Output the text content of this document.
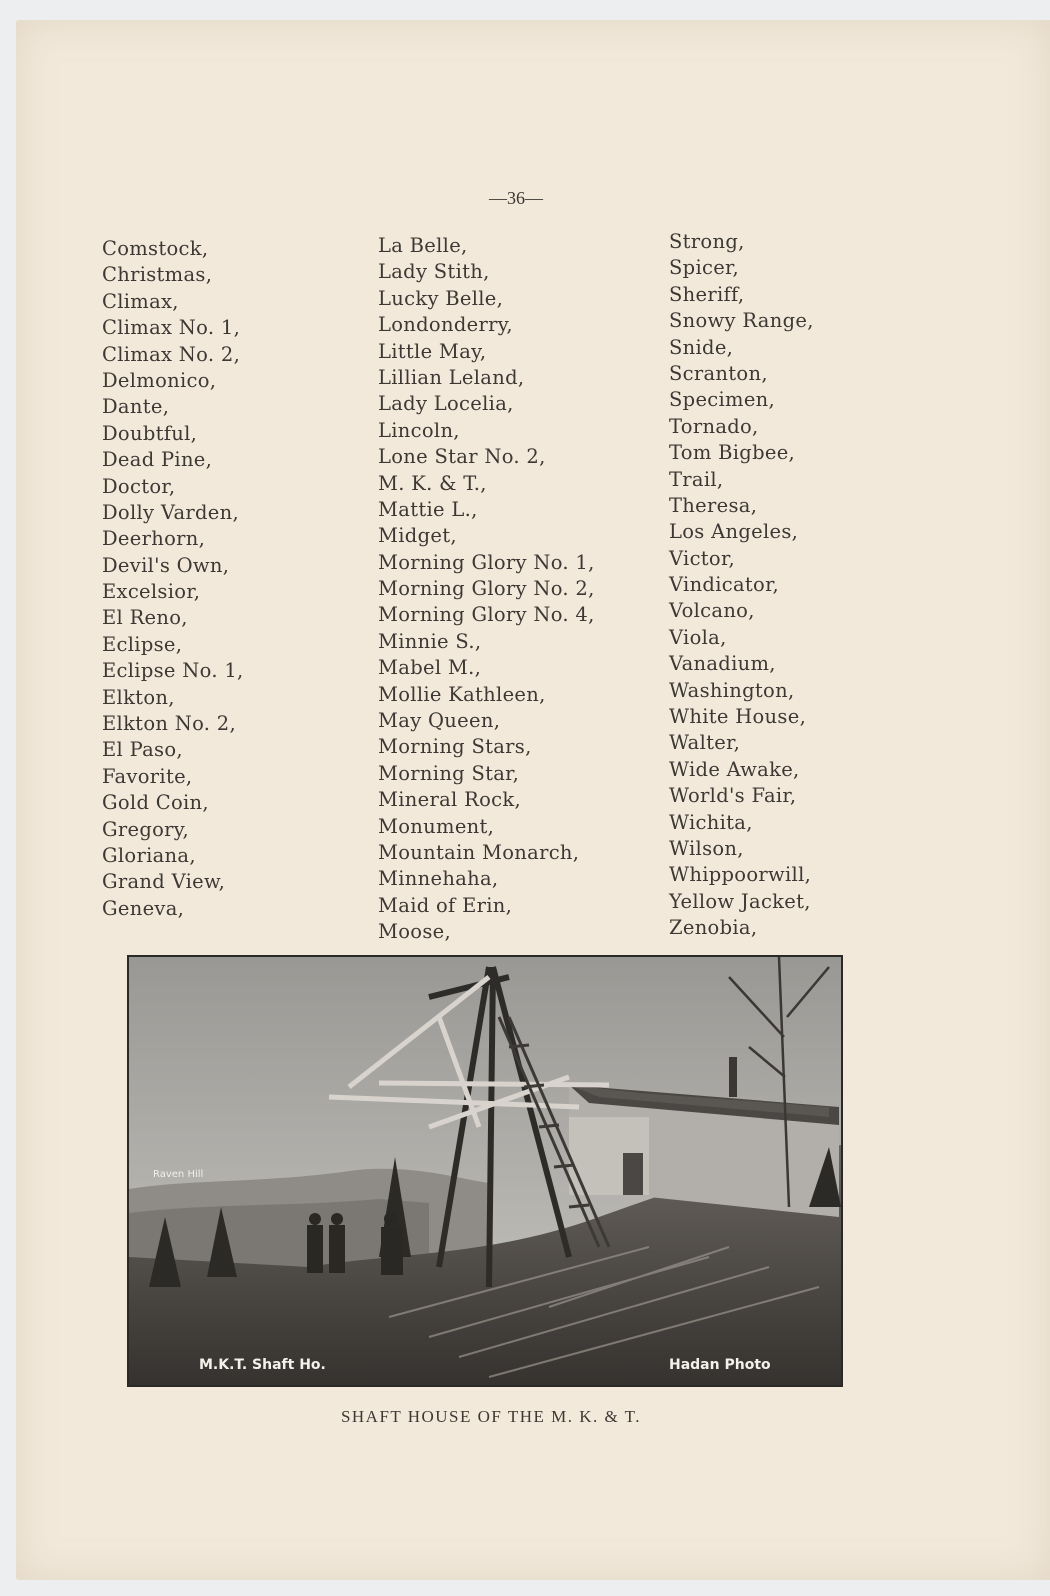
—36—
Comstock,
Christmas,
Climax,
Climax No. 1,
Climax No. 2,
Delmonico,
Dante,
Doubtful,
Dead Pine,
Doctor,
Dolly Varden,
Deerhorn,
Devil's Own,
Excelsior,
El Reno,
Eclipse,
Eclipse No. 1,
Elkton,
Elkton No. 2,
El Paso,
Favorite,
Gold Coin,
Gregory,
Gloriana,
Grand View,
Geneva,
La Belle,
Lady Stith,
Lucky Belle,
Londonderry,
Little May,
Lillian Leland,
Lady Locelia,
Lincoln,
Lone Star No. 2,
M. K. & T.,
Mattie L.,
Midget,
Morning Glory No. 1,
Morning Glory No. 2,
Morning Glory No. 4,
Minnie S.,
Mabel M.,
Mollie Kathleen,
May Queen,
Morning Stars,
Morning Star,
Mineral Rock,
Monument,
Mountain Monarch,
Minnehaha,
Maid of Erin,
Moose,
Strong,
Spicer,
Sheriff,
Snowy Range,
Snide,
Scranton,
Specimen,
Tornado,
Tom Bigbee,
Trail,
Theresa,
Los Angeles,
Victor,
Vindicator,
Volcano,
Viola,
Vanadium,
Washington,
White House,
Walter,
Wide Awake,
World's Fair,
Wichita,
Wilson,
Whippoorwill,
Yellow Jacket,
Zenobia,
Raven Hill
M.K.T. Shaft Ho.	Hadan Photo
SHAFT HOUSE OF THE M. K. & T.
